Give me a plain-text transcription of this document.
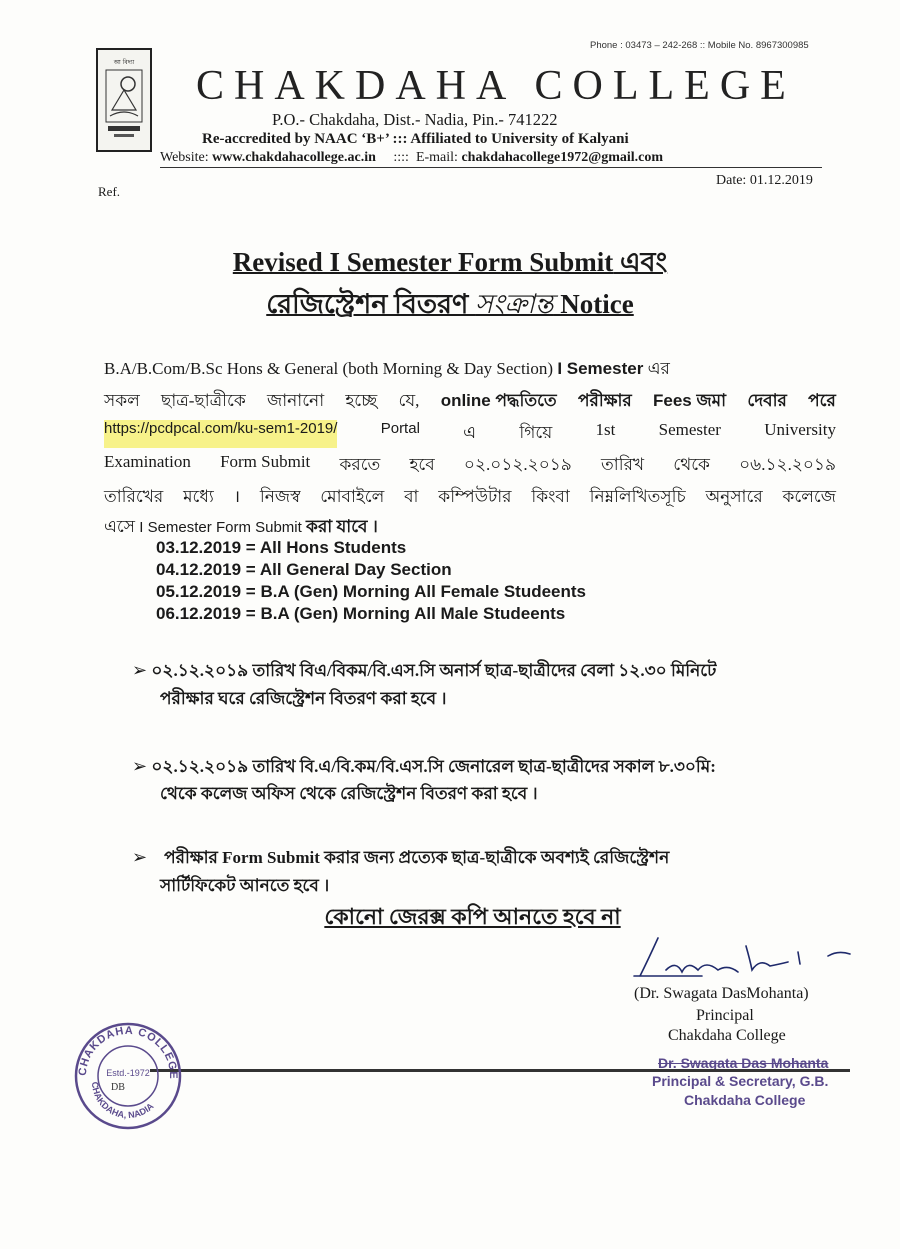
আ বিদ্যা
Phone : 03473 – 242-268 :: Mobile No. 8967300985
CHAKDAHA COLLEGE
P.O.- Chakdaha, Dist.- Nadia, Pin.- 741222
Re-accredited by NAAC ‘B+’ ::: Affiliated to University of Kalyani
Website: www.chakdahacollege.ac.in     ::::  E-mail: chakdahacollege1972@gmail.com
Ref.
Date: 01.12.2019
Revised I Semester Form Submit এবং
রেজিস্ট্রেশন বিতরণ সংক্রান্ত Notice
B.A/B.Com/B.Sc Hons & General (both Morning & Day Section) I Semester এর
সকল ছাত্র-ছাত্রীকে জানানো হচ্ছে যে, online পদ্ধতিতে পরীক্ষার Fees জমা দেবার পরে
https://pcdpcal.com/ku-sem1-2019/	Portal	এ	গিয়ে	1st	Semester	University
Examination Form Submit করতে হবে ০২.০১২.২০১৯ তারিখ থেকে ০৬.১২.২০১৯
তারিখের মধ্যে । নিজস্ব মোবাইলে বা কম্পিউটার কিংবা নিম্নলিখিতসূচি অনুসারে কলেজে
এসে I Semester Form Submit করা যাবে ।
03.12.2019 = All Hons Students
04.12.2019 = All General Day Section
05.12.2019 = B.A (Gen) Morning All Female Studeents
06.12.2019 = B.A (Gen) Morning All Male Studeents
➢ ০২.১২.২০১৯ তারিখ বিএ/বিকম/বি.এস.সি অনার্স ছাত্র-ছাত্রীদের বেলা ১২.৩০ মিনিটে
পরীক্ষার ঘরে রেজিস্ট্রেশন বিতরণ করা হবে ।
➢ ০২.১২.২০১৯ তারিখ বি.এ/বি.কম/বি.এস.সি জেনারেল ছাত্র-ছাত্রীদের সকাল ৮.৩০মি:
থেকে কলেজ অফিস থেকে রেজিস্ট্রেশন বিতরণ করা হবে ।
➢    পরীক্ষার Form Submit করার জন্য প্রত্যেক ছাত্র-ছাত্রীকে অবশ্যই রেজিস্ট্রেশন
সার্টিফিকেট আনতে হবে ।
কোনো জেরক্স কপি আনতে হবে না
(Dr. Swagata DasMohanta)
Principal
Chakdaha College
Dr. Swagata Das Mohanta
Principal & Secretary, G.B.
Chakdaha College
CHAKDAHA COLLEGE
CHAKDAHA, NADIA
Estd.-1972
DB
